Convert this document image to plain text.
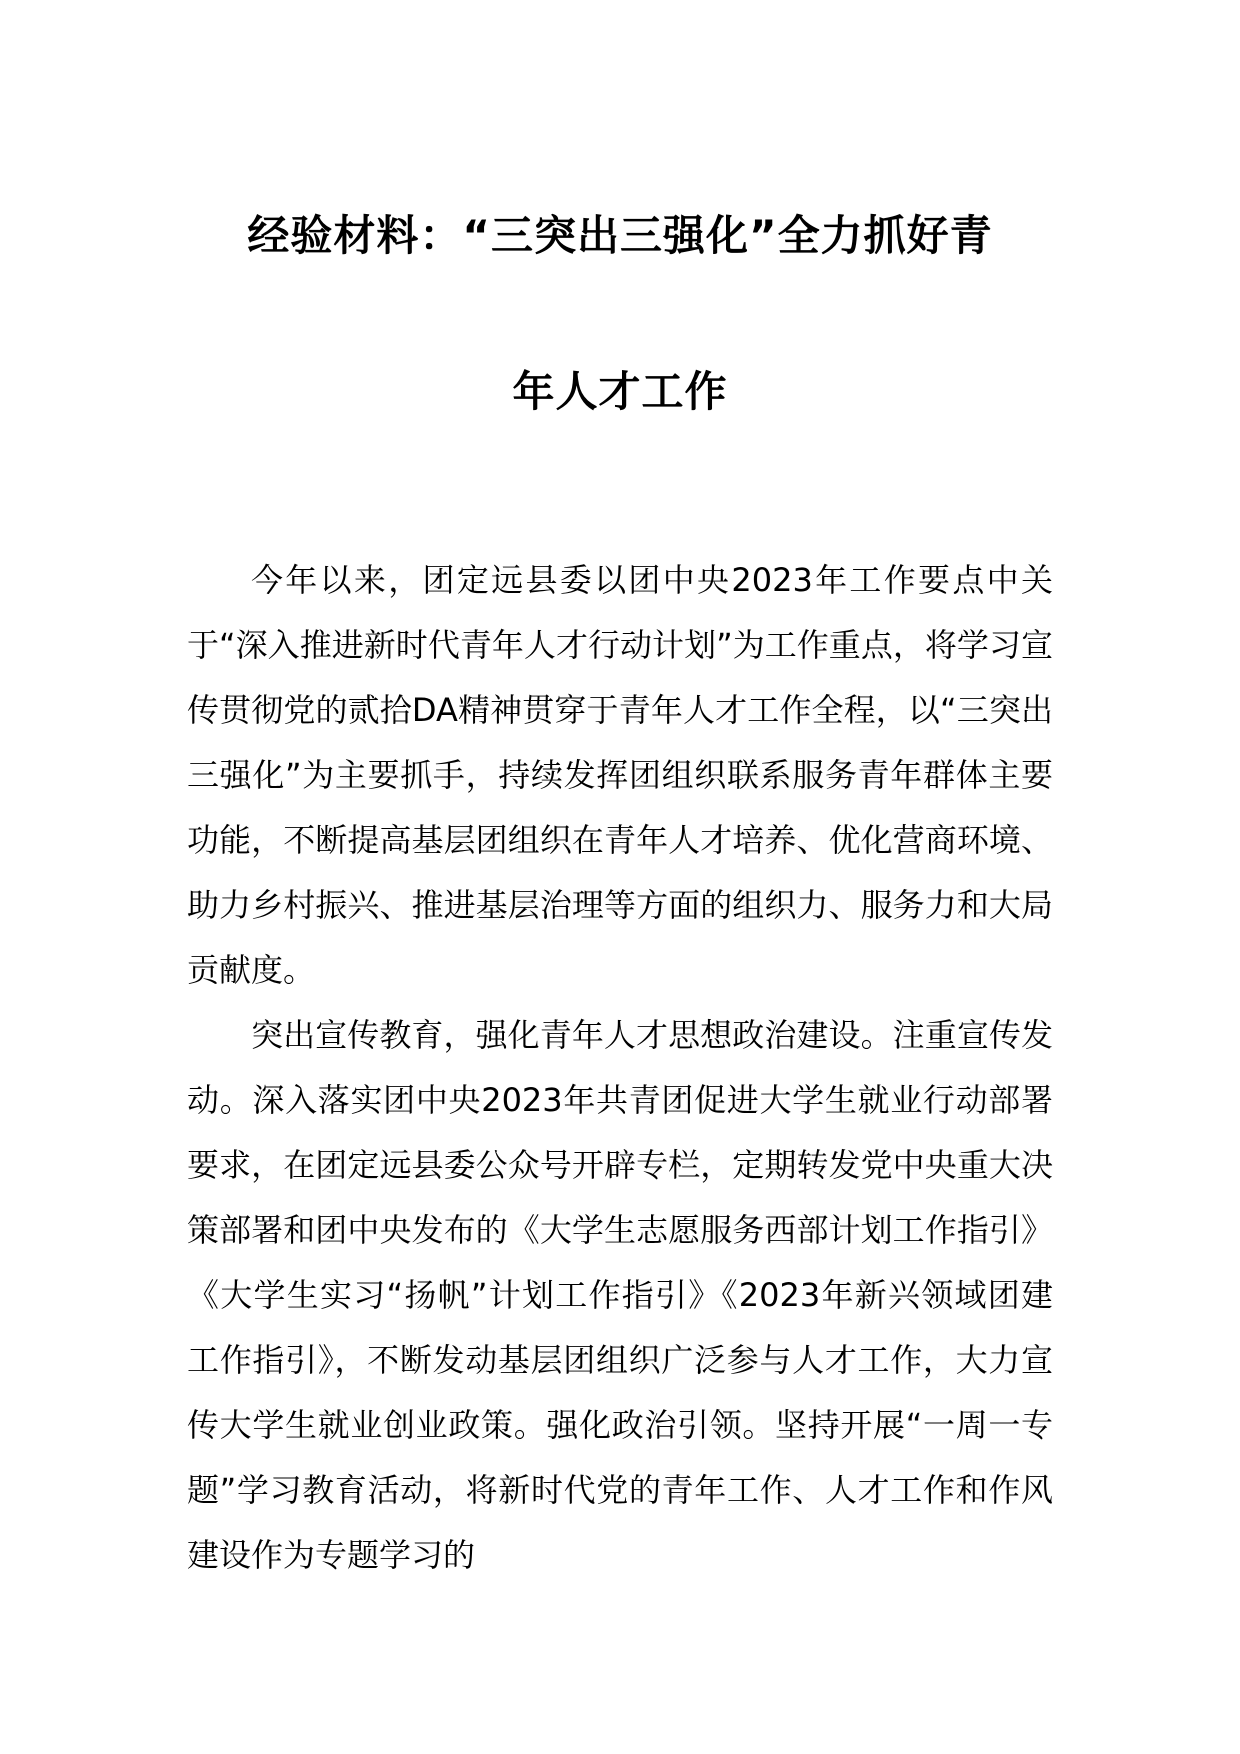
经验材料：“三突出三强化”全力抓好青
年人才工作

今年以来，团定远县委以团中央2023年工作要点中关于“深入推进新时代青年人才行动计划”为工作重点，将学习宣传贯彻党的贰拾DA精神贯穿于青年人才工作全程，以“三突出三强化”为主要抓手，持续发挥团组织联系服务青年群体主要功能，不断提高基层团组织在青年人才培养、优化营商环境、助力乡村振兴、推进基层治理等方面的组织力、服务力和大局贡献度。

突出宣传教育，强化青年人才思想政治建设。注重宣传发动。深入落实团中央2023年共青团促进大学生就业行动部署要求，在团定远县委公众号开辟专栏，定期转发党中央重大决策部署和团中央发布的《大学生志愿服务西部计划工作指引》《大学生实习“扬帆”计划工作指引》《2023年新兴领域团建工作指引》，不断发动基层团组织广泛参与人才工作，大力宣传大学生就业创业政策。强化政治引领。坚持开展“一周一专题”学习教育活动，将新时代党的青年工作、人才工作和作风建设作为专题学习的
